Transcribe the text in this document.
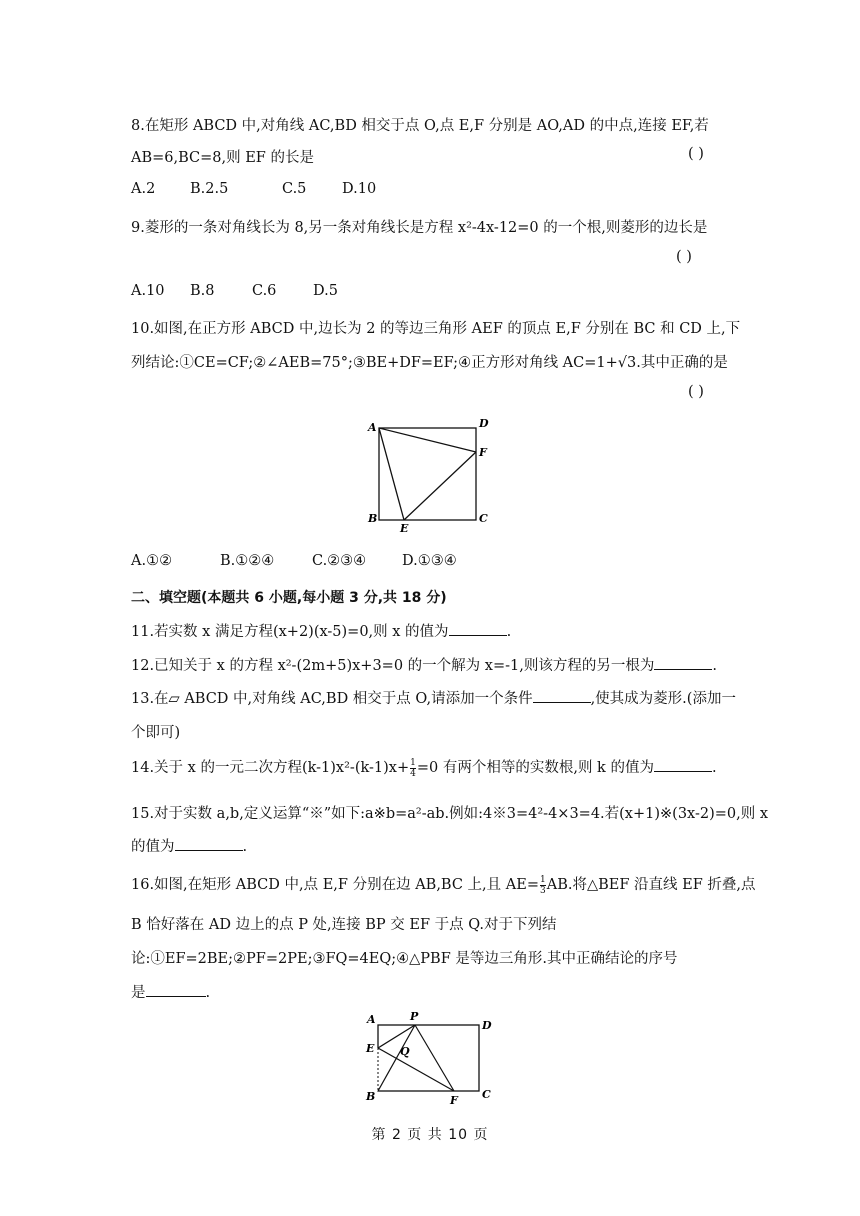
8.在矩形 ABCD 中,对角线 AC,BD 相交于点 O,点 E,F 分别是 AO,AD 的中点,连接 EF,若
AB=6,BC=8,则 EF 的长是	( )
A.2 B.2.5	C.5 D.10
9.菱形的一条对角线长为 8,另一条对角线长是方程 x²-4x-12=0 的一个根,则菱形的边长是
( )
A.10 B.8	C.6	D.5
10.如图,在正方形 ABCD 中,边长为 2 的等边三角形 AEF 的顶点 E,F 分别在 BC 和 CD 上,下
列结论:①CE=CF;②∠AEB=75°;③BE+DF=EF;④正方形对角线 AC=1+√3.其中正确的是
( )
A	D
F
B
E
C
A.①②	B.①②④	C.②③④ D.①③④
二、填空题(本题共 6 小题,每小题 3 分,共 18 分)
11.若实数 x 满足方程(x+2)(x-5)=0,则 x 的值为	.
12.已知关于 x 的方程 x²-(2m+5)x+3=0 的一个解为 x=-1,则该方程的另一根为	.
13.在▱ ABCD 中,对角线 AC,BD 相交于点 O,请添加一个条件	,使其成为菱形.(添加一
个即可)
14.关于 x 的一元二次方程$(k-1)x^2-(k-1)x+ \frac{1}{4} =0$ 有两个相等的实数根,则 k 的值为	.
15.对于实数 a,b,定义运算“※”如下:a※b=a²-ab.例如:4※3=4²-4×3=4.若(x+1)※(3x-2)=0,则 x
的值为	.
16.如图,在矩形 ABCD 中,点 E,F 分别在边 AB,BC 上,且 $AE= \frac{1}{3}$ AB.将△BEF 沿直线 EF 折叠,点
B 恰好落在 AD 边上的点 P 处,连接 BP 交 EF 于点 Q.对于下列结
论:①EF=2BE;②PF=2PE;③FQ=4EQ;④△PBF 是等边三角形.其中正确结论的序号
是	.
A	P
D
E Q
B	F C
第 2 页 共 10 页
